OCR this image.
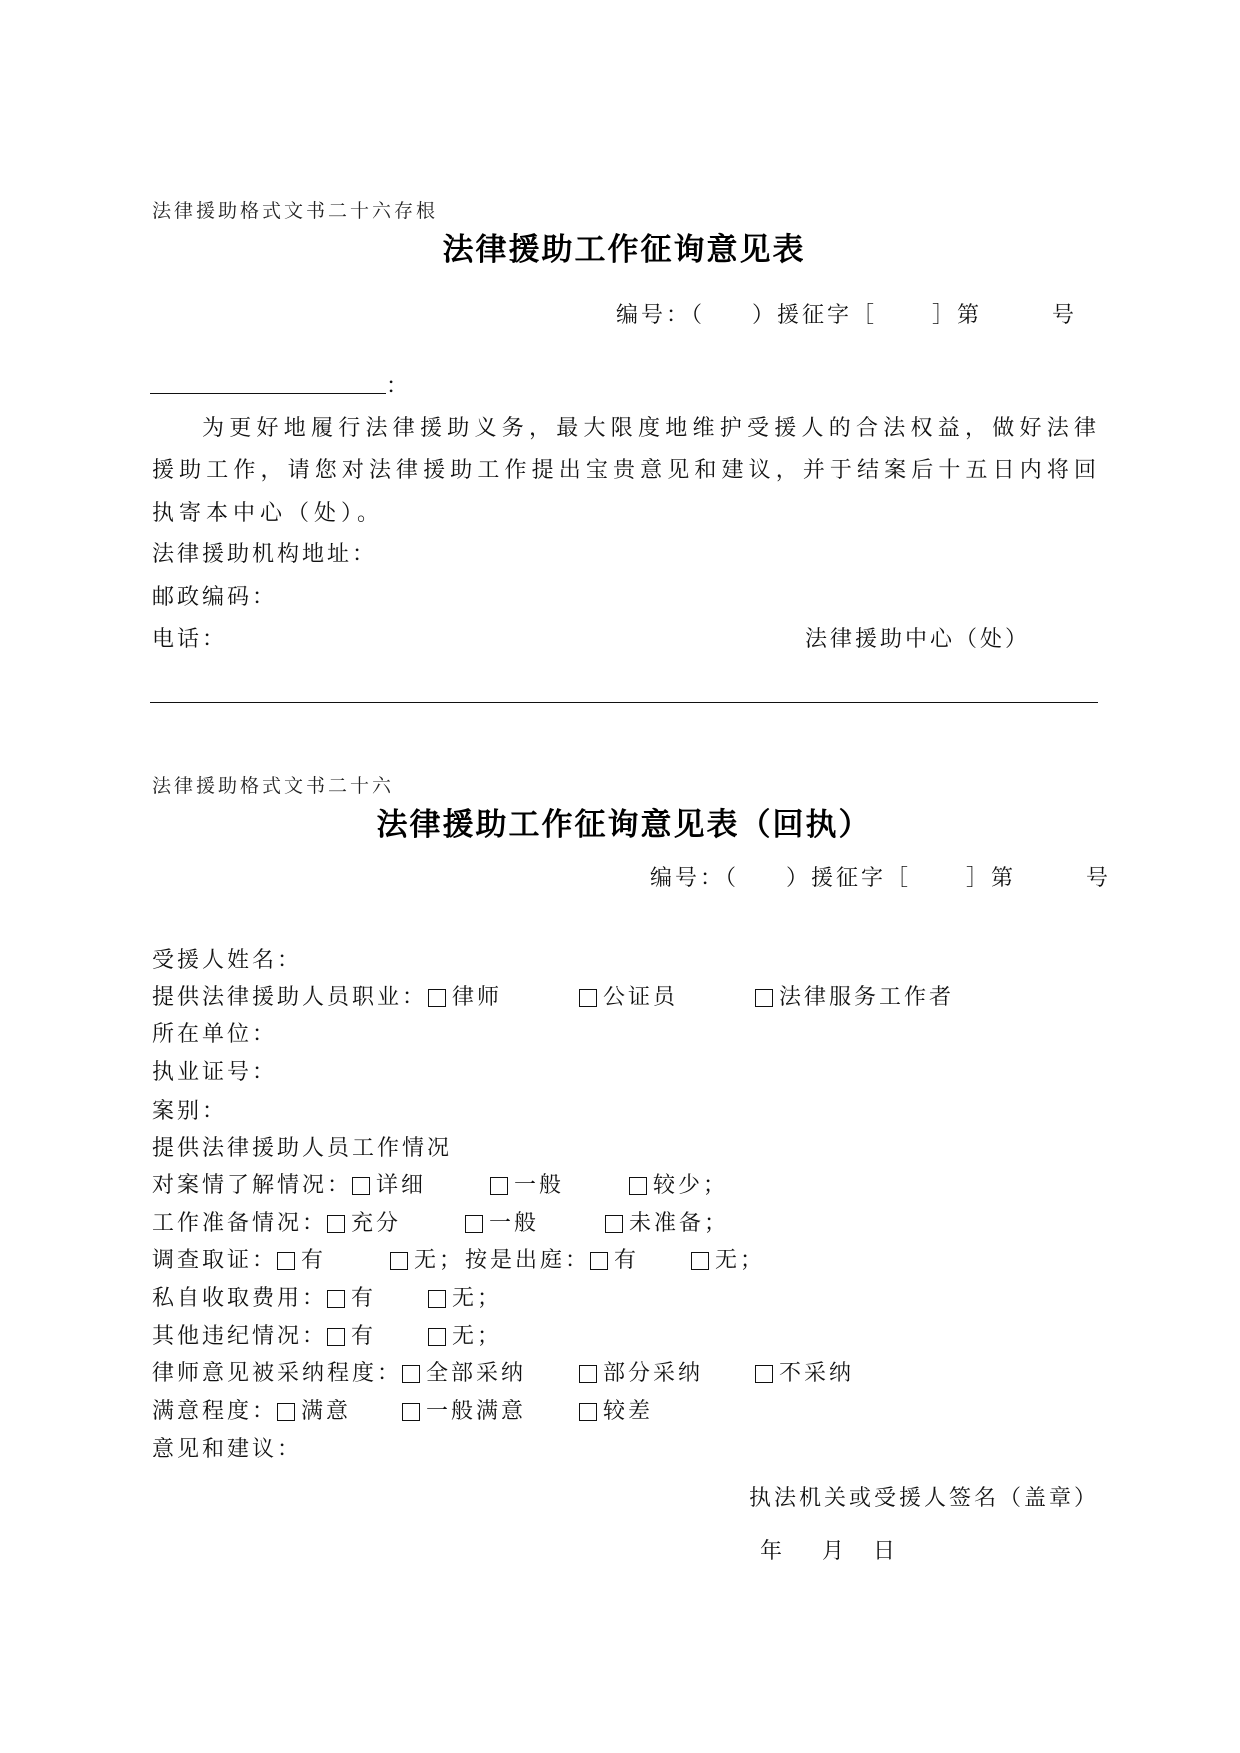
法律援助格式文书二十六存根
法律援助工作征询意见表
编号：（ ）援征字［ ］第	号
：
为更好地履行法律援助义务，最大限度地维护受援人的合法权益，做好法律
援助工作，请您对法律援助工作提出宝贵意见和建议，并于结案后十五日内将回
执寄本中心（处）。
法律援助机构地址：
邮政编码：
电话：	法律援助中心（处）
法律援助格式文书二十六
法律援助工作征询意见表（回执）
编号：（ ）援征字［ ］第	号
受援人姓名：
提供法律援助人员职业： 律师	公证员	法律服务工作者
所在单位：
执业证号：
案别：
提供法律援助人员工作情况
对案情了解情况： 详细	一般	较少；
工作准备情况： 充分	一般	未准备；
调查取证： 有	无； 按是出庭： 有	无；
私自收取费用： 有	无；
其他违纪情况： 有	无；
律师意见被采纳程度： 全部采纳	部分采纳	不采纳
满意程度： 满意	一般满意	较差
意见和建议：
执法机关或受援人签名（盖章）
年 月 日
